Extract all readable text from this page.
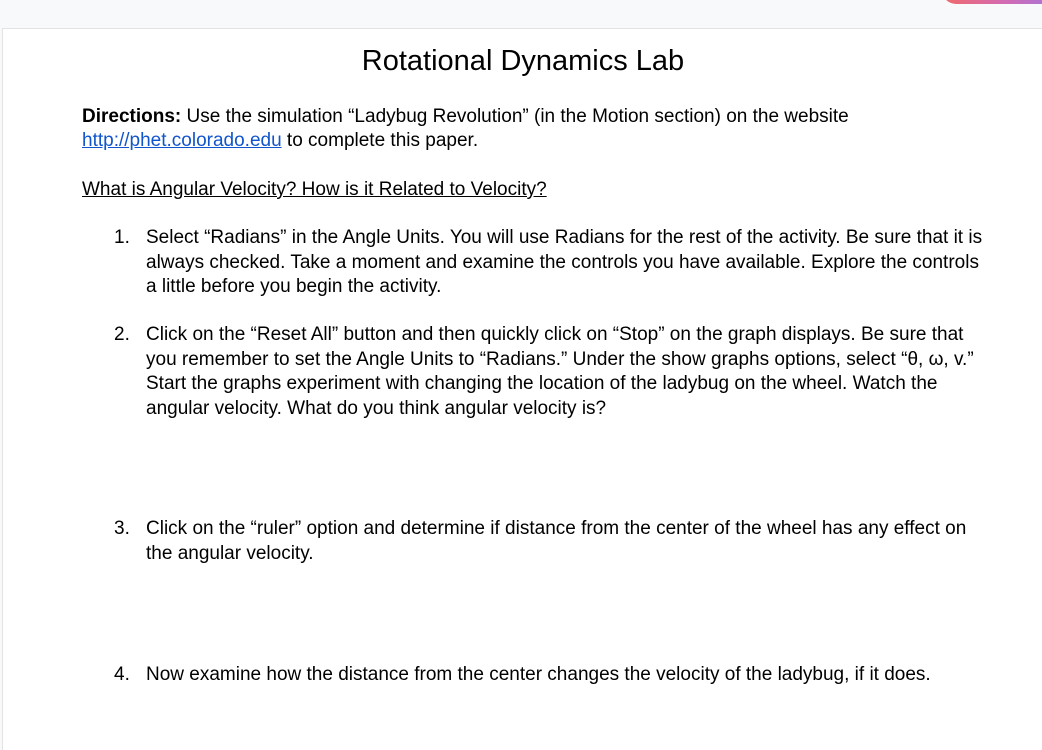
Rotational Dynamics Lab

Directions: Use the simulation “Ladybug Revolution” (in the Motion section) on the website http://phet.colorado.edu to complete this paper.

What is Angular Velocity? How is it Related to Velocity?
1. Select “Radians” in the Angle Units. You will use Radians for the rest of the activity. Be sure that it is always checked. Take a moment and examine the controls you have available. Explore the controls a little before you begin the activity.
2. Click on the “Reset All” button and then quickly click on “Stop” on the graph displays. Be sure that you remember to set the Angle Units to “Radians.” Under the show graphs options, select “θ, ω, v.” Start the graphs experiment with changing the location of the ladybug on the wheel. Watch the angular velocity. What do you think angular velocity is?
3. Click on the “ruler” option and determine if distance from the center of the wheel has any effect on the angular velocity.
4. Now examine how the distance from the center changes the velocity of the ladybug, if it does.
